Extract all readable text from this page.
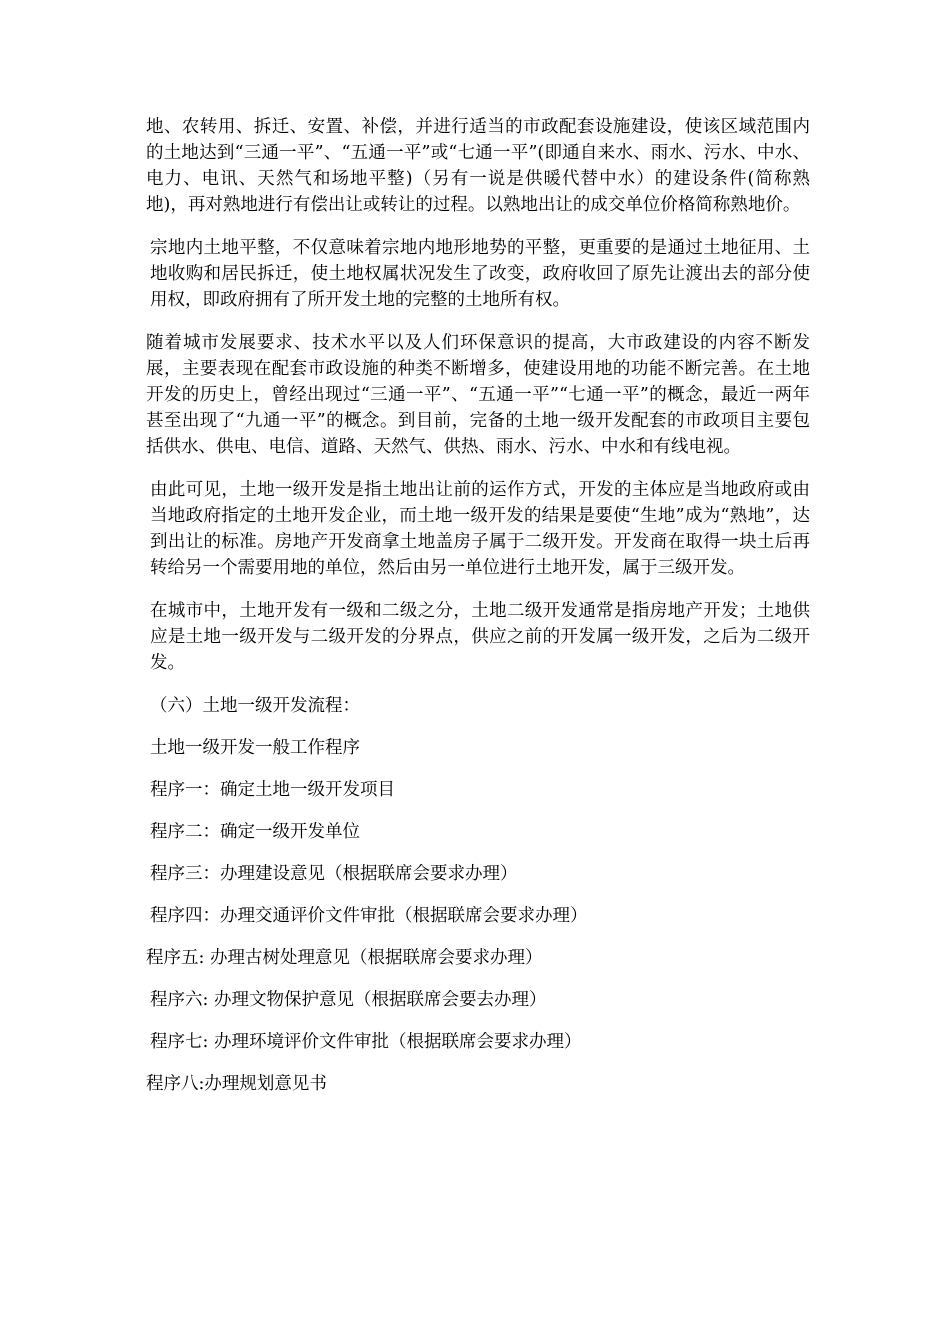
地、农转用、拆迁、安置、补偿，并进行适当的市政配套设施建设，使该区域范围内的土地达到“三通一平”、“五通一平”或“七通一平”(即通自来水、雨水、污水、中水、电力、电讯、天然气和场地平整)（另有一说是供暖代替中水）的建设条件(简称熟地)，再对熟地进行有偿出让或转让的过程。以熟地出让的成交单位价格简称熟地价。

宗地内土地平整，不仅意味着宗地内地形地势的平整，更重要的是通过土地征用、土地收购和居民拆迁，使土地权属状况发生了改变，政府收回了原先让渡出去的部分使用权，即政府拥有了所开发土地的完整的土地所有权。

随着城市发展要求、技术水平以及人们环保意识的提高，大市政建设的内容不断发展，主要表现在配套市政设施的种类不断增多，使建设用地的功能不断完善。在土地开发的历史上，曾经出现过“三通一平”、“五通一平”“七通一平”的概念，最近一两年甚至出现了“九通一平”的概念。到目前，完备的土地一级开发配套的市政项目主要包括供水、供电、电信、道路、天然气、供热、雨水、污水、中水和有线电视。

由此可见，土地一级开发是指土地出让前的运作方式，开发的主体应是当地政府或由当地政府指定的土地开发企业，而土地一级开发的结果是要使“生地”成为“熟地”，达到出让的标准。房地产开发商拿土地盖房子属于二级开发。开发商在取得一块土后再转给另一个需要用地的单位，然后由另一单位进行土地开发，属于三级开发。

在城市中，土地开发有一级和二级之分，土地二级开发通常是指房地产开发；土地供应是土地一级开发与二级开发的分界点，供应之前的开发属一级开发，之后为二级开发。

（六）土地一级开发流程：
土地一级开发一般工作程序
程序一：确定土地一级开发项目
程序二：确定一级开发单位
程序三：办理建设意见（根据联席会要求办理）
程序四：办理交通评价文件审批（根据联席会要求办理）
程序五: 办理古树处理意见（根据联席会要求办理）
程序六: 办理文物保护意见（根据联席会要去办理）
程序七: 办理环境评价文件审批（根据联席会要求办理）
程序八:办理规划意见书
